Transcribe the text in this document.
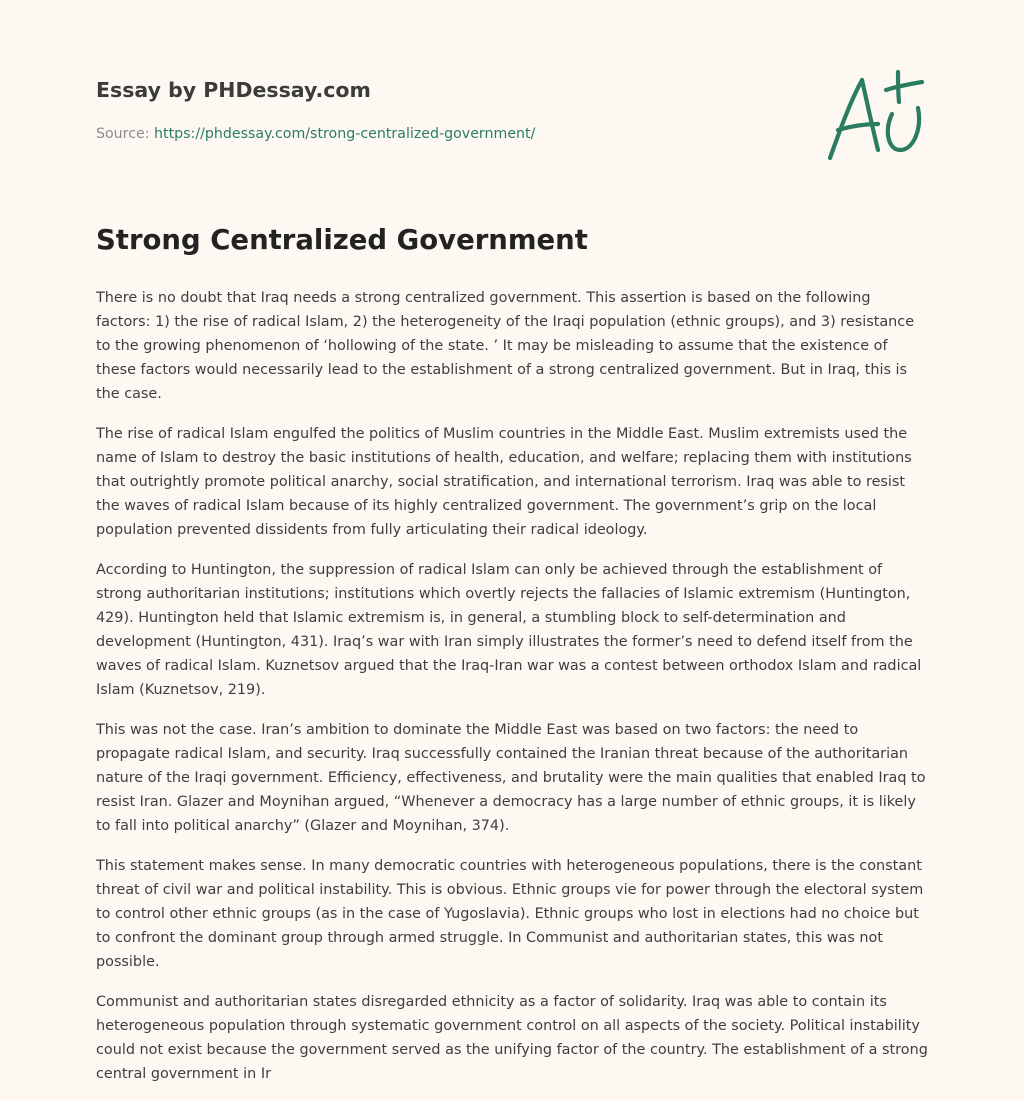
Essay by PHDessay.com
Source: https://phdessay.com/strong-centralized-government/
Strong Centralized Government

There is no doubt that Iraq needs a strong centralized government. This assertion is based on the following factors: 1) the rise of radical Islam, 2) the heterogeneity of the Iraqi population (ethnic groups), and 3) resistance to the growing phenomenon of ‘hollowing of the state. ’ It may be misleading to assume that the existence of these factors would necessarily lead to the establishment of a strong centralized government. But in Iraq, this is the case.

The rise of radical Islam engulfed the politics of Muslim countries in the Middle East. Muslim extremists used the name of Islam to destroy the basic institutions of health, education, and welfare; replacing them with institutions that outrightly promote political anarchy, social stratification, and international terrorism. Iraq was able to resist the waves of radical Islam because of its highly centralized government. The government’s grip on the local population prevented dissidents from fully articulating their radical ideology.

According to Huntington, the suppression of radical Islam can only be achieved through the establishment of strong authoritarian institutions; institutions which overtly rejects the fallacies of Islamic extremism (Huntington, 429). Huntington held that Islamic extremism is, in general, a stumbling block to self-determination and development (Huntington, 431). Iraq’s war with Iran simply illustrates the former’s need to defend itself from the waves of radical Islam. Kuznetsov argued that the Iraq-Iran war was a contest between orthodox Islam and radical Islam (Kuznetsov, 219).

This was not the case. Iran’s ambition to dominate the Middle East was based on two factors: the need to propagate radical Islam, and security. Iraq successfully contained the Iranian threat because of the authoritarian nature of the Iraqi government. Efficiency, effectiveness, and brutality were the main qualities that enabled Iraq to resist Iran. Glazer and Moynihan argued, “Whenever a democracy has a large number of ethnic groups, it is likely to fall into political anarchy” (Glazer and Moynihan, 374).

This statement makes sense. In many democratic countries with heterogeneous populations, there is the constant threat of civil war and political instability. This is obvious. Ethnic groups vie for power through the electoral system to control other ethnic groups (as in the case of Yugoslavia). Ethnic groups who lost in elections had no choice but to confront the dominant group through armed struggle. In Communist and authoritarian states, this was not possible.

Communist and authoritarian states disregarded ethnicity as a factor of solidarity. Iraq was able to contain its heterogeneous population through systematic government control on all aspects of the society. Political instability could not exist because the government served as the unifying factor of the country. The establishment of a strong central government in Ir
